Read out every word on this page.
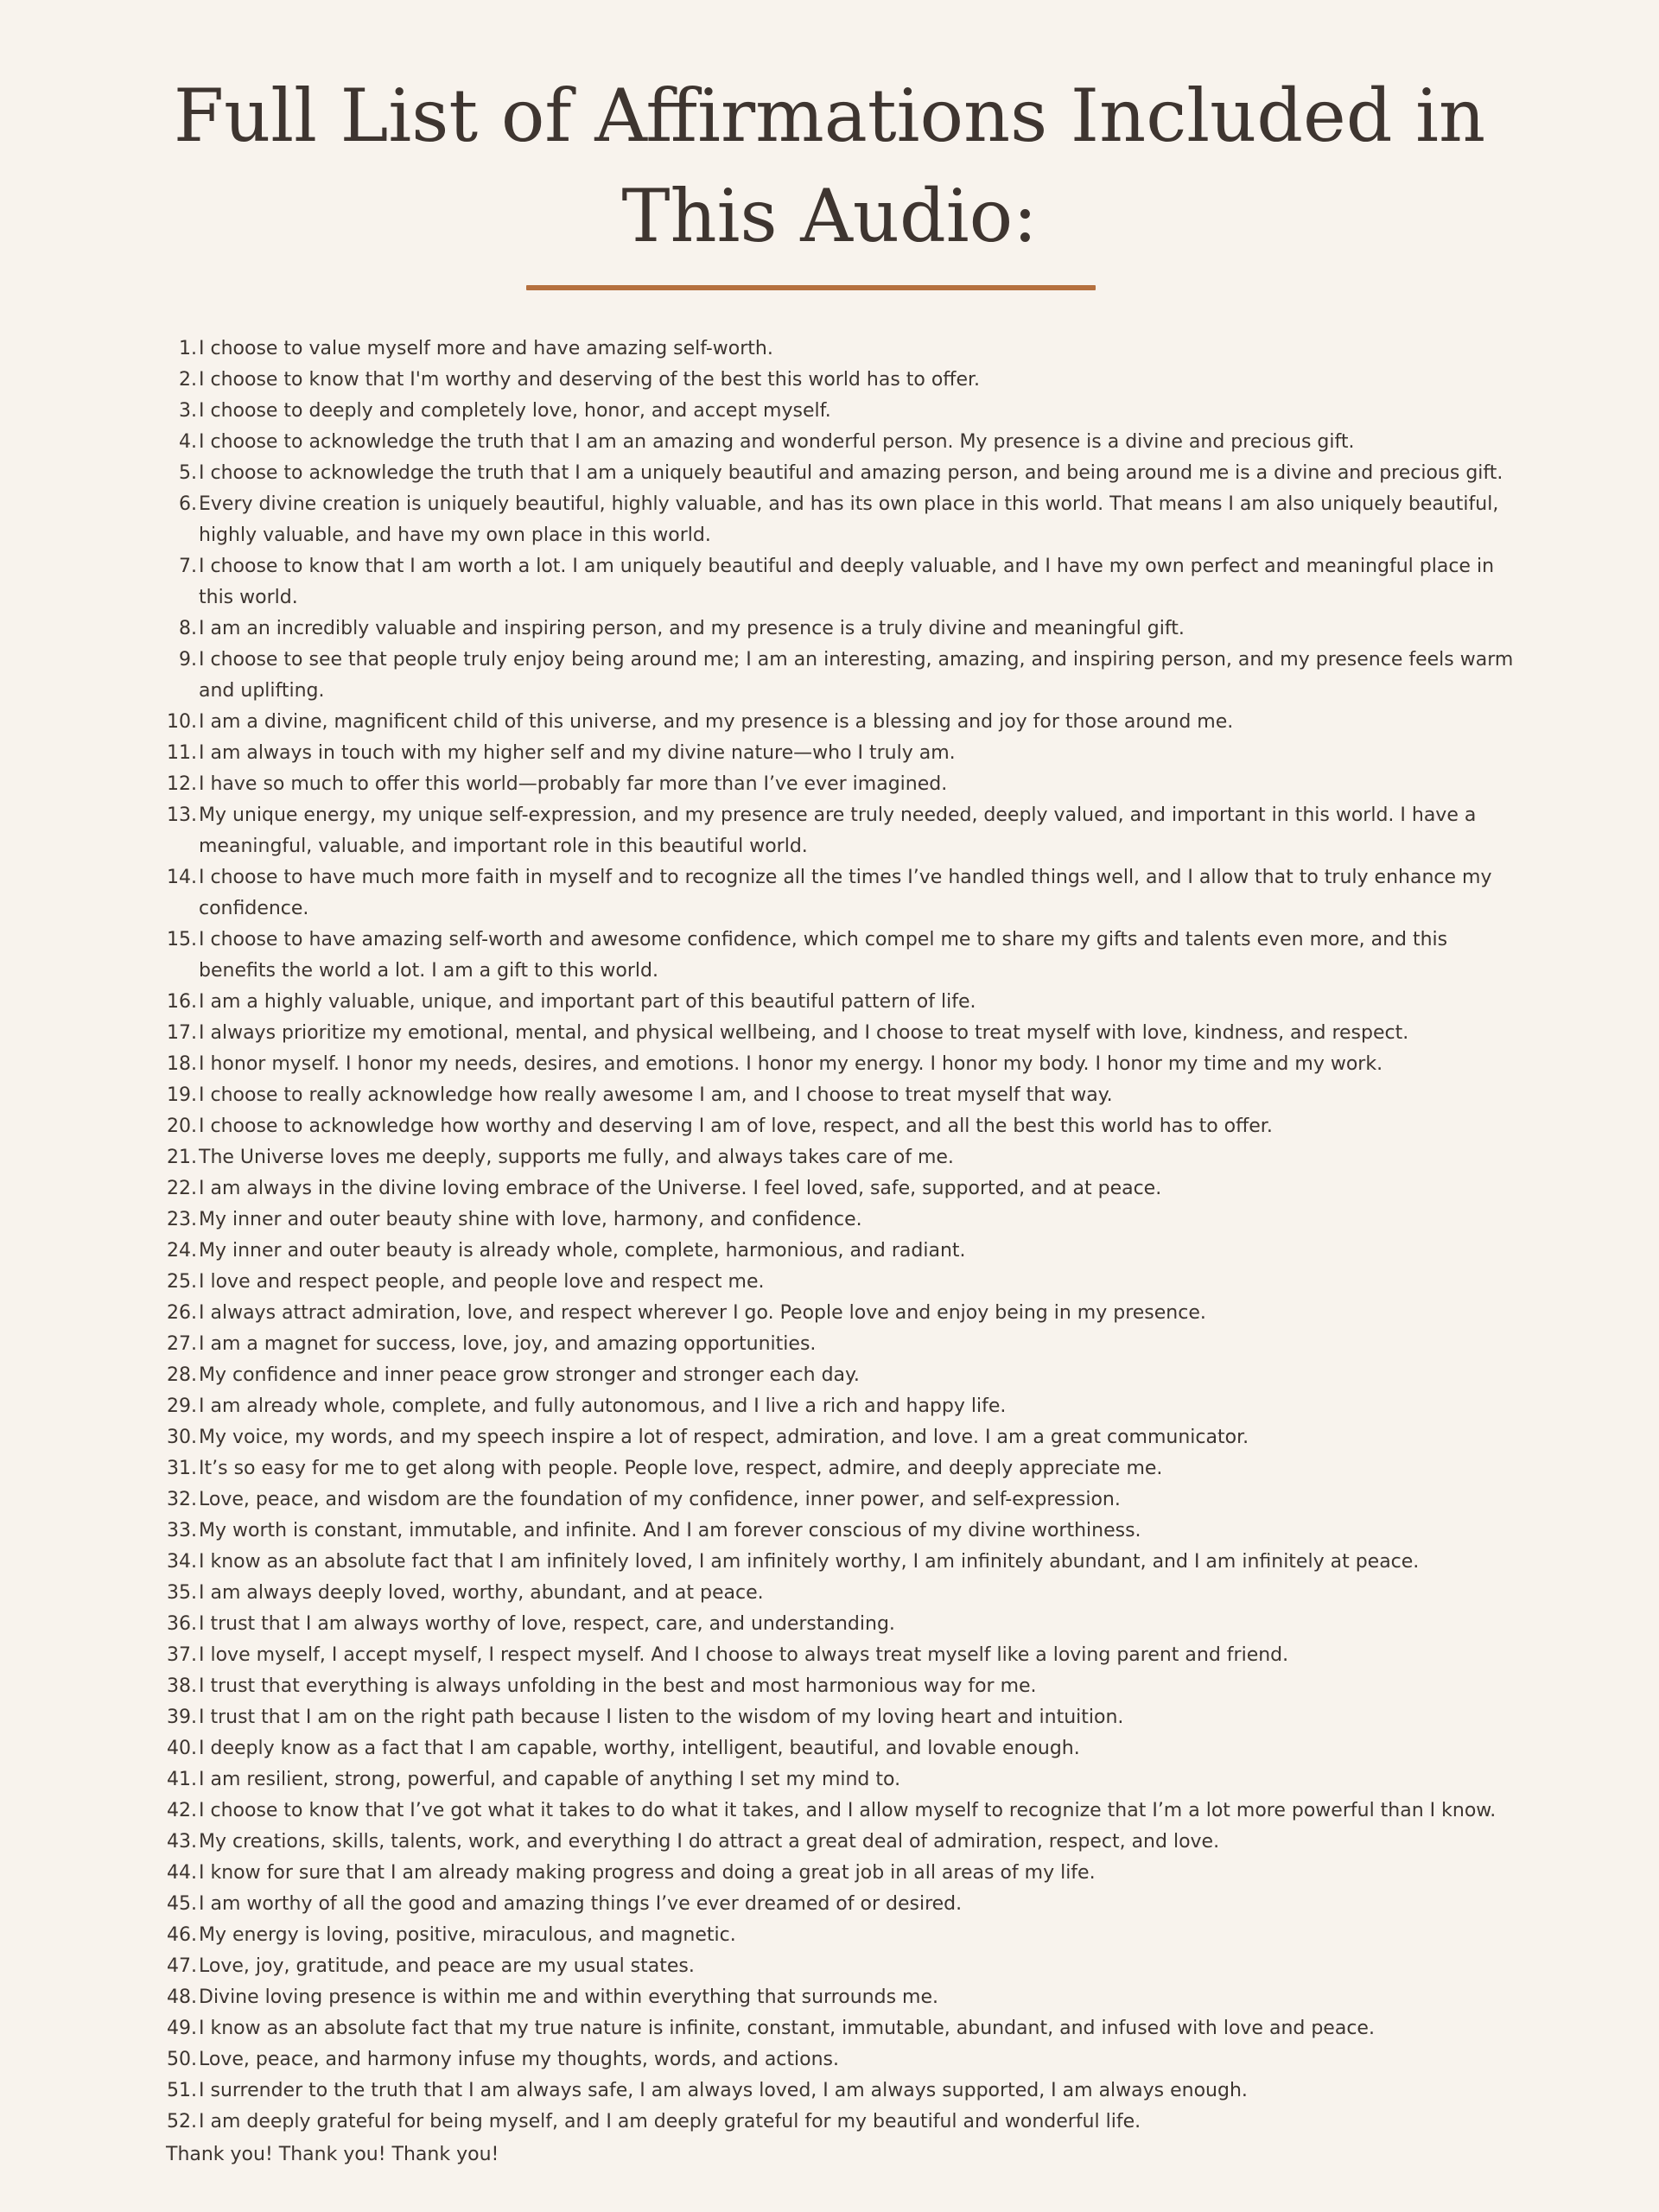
Full List of Affirmations Included in This Audio:
1. I choose to value myself more and have amazing self-worth.
2. I choose to know that I'm worthy and deserving of the best this world has to offer.
3. I choose to deeply and completely love, honor, and accept myself.
4. I choose to acknowledge the truth that I am an amazing and wonderful person. My presence is a divine and precious gift.
5. I choose to acknowledge the truth that I am a uniquely beautiful and amazing person, and being around me is a divine and precious gift.
6. Every divine creation is uniquely beautiful, highly valuable, and has its own place in this world. That means I am also uniquely beautiful, highly valuable, and have my own place in this world.
7. I choose to know that I am worth a lot. I am uniquely beautiful and deeply valuable, and I have my own perfect and meaningful place in this world.
8. I am an incredibly valuable and inspiring person, and my presence is a truly divine and meaningful gift.
9. I choose to see that people truly enjoy being around me; I am an interesting, amazing, and inspiring person, and my presence feels warm and uplifting.
10. I am a divine, magnificent child of this universe, and my presence is a blessing and joy for those around me.
11. I am always in touch with my higher self and my divine nature—who I truly am.
12. I have so much to offer this world—probably far more than I’ve ever imagined.
13. My unique energy, my unique self-expression, and my presence are truly needed, deeply valued, and important in this world. I have a meaningful, valuable, and important role in this beautiful world.
14. I choose to have much more faith in myself and to recognize all the times I’ve handled things well, and I allow that to truly enhance my confidence.
15. I choose to have amazing self-worth and awesome confidence, which compel me to share my gifts and talents even more, and this benefits the world a lot. I am a gift to this world.
16. I am a highly valuable, unique, and important part of this beautiful pattern of life.
17. I always prioritize my emotional, mental, and physical wellbeing, and I choose to treat myself with love, kindness, and respect.
18. I honor myself. I honor my needs, desires, and emotions. I honor my energy. I honor my body. I honor my time and my work.
19. I choose to really acknowledge how really awesome I am, and I choose to treat myself that way.
20. I choose to acknowledge how worthy and deserving I am of love, respect, and all the best this world has to offer.
21. The Universe loves me deeply, supports me fully, and always takes care of me.
22. I am always in the divine loving embrace of the Universe. I feel loved, safe, supported, and at peace.
23. My inner and outer beauty shine with love, harmony, and confidence.
24. My inner and outer beauty is already whole, complete, harmonious, and radiant.
25. I love and respect people, and people love and respect me.
26. I always attract admiration, love, and respect wherever I go. People love and enjoy being in my presence.
27. I am a magnet for success, love, joy, and amazing opportunities.
28. My confidence and inner peace grow stronger and stronger each day.
29. I am already whole, complete, and fully autonomous, and I live a rich and happy life.
30. My voice, my words, and my speech inspire a lot of respect, admiration, and love. I am a great communicator.
31. It’s so easy for me to get along with people. People love, respect, admire, and deeply appreciate me.
32. Love, peace, and wisdom are the foundation of my confidence, inner power, and self-expression.
33. My worth is constant, immutable, and infinite. And I am forever conscious of my divine worthiness.
34. I know as an absolute fact that I am infinitely loved, I am infinitely worthy, I am infinitely abundant, and I am infinitely at peace.
35. I am always deeply loved, worthy, abundant, and at peace.
36. I trust that I am always worthy of love, respect, care, and understanding.
37. I love myself, I accept myself, I respect myself. And I choose to always treat myself like a loving parent and friend.
38. I trust that everything is always unfolding in the best and most harmonious way for me.
39. I trust that I am on the right path because I listen to the wisdom of my loving heart and intuition.
40. I deeply know as a fact that I am capable, worthy, intelligent, beautiful, and lovable enough.
41. I am resilient, strong, powerful, and capable of anything I set my mind to.
42. I choose to know that I’ve got what it takes to do what it takes, and I allow myself to recognize that I’m a lot more powerful than I know.
43. My creations, skills, talents, work, and everything I do attract a great deal of admiration, respect, and love.
44. I know for sure that I am already making progress and doing a great job in all areas of my life.
45. I am worthy of all the good and amazing things I’ve ever dreamed of or desired.
46. My energy is loving, positive, miraculous, and magnetic.
47. Love, joy, gratitude, and peace are my usual states.
48. Divine loving presence is within me and within everything that surrounds me.
49. I know as an absolute fact that my true nature is infinite, constant, immutable, abundant, and infused with love and peace.
50. Love, peace, and harmony infuse my thoughts, words, and actions.
51. I surrender to the truth that I am always safe, I am always loved, I am always supported, I am always enough.
52. I am deeply grateful for being myself, and I am deeply grateful for my beautiful and wonderful life.

Thank you! Thank you! Thank you!
